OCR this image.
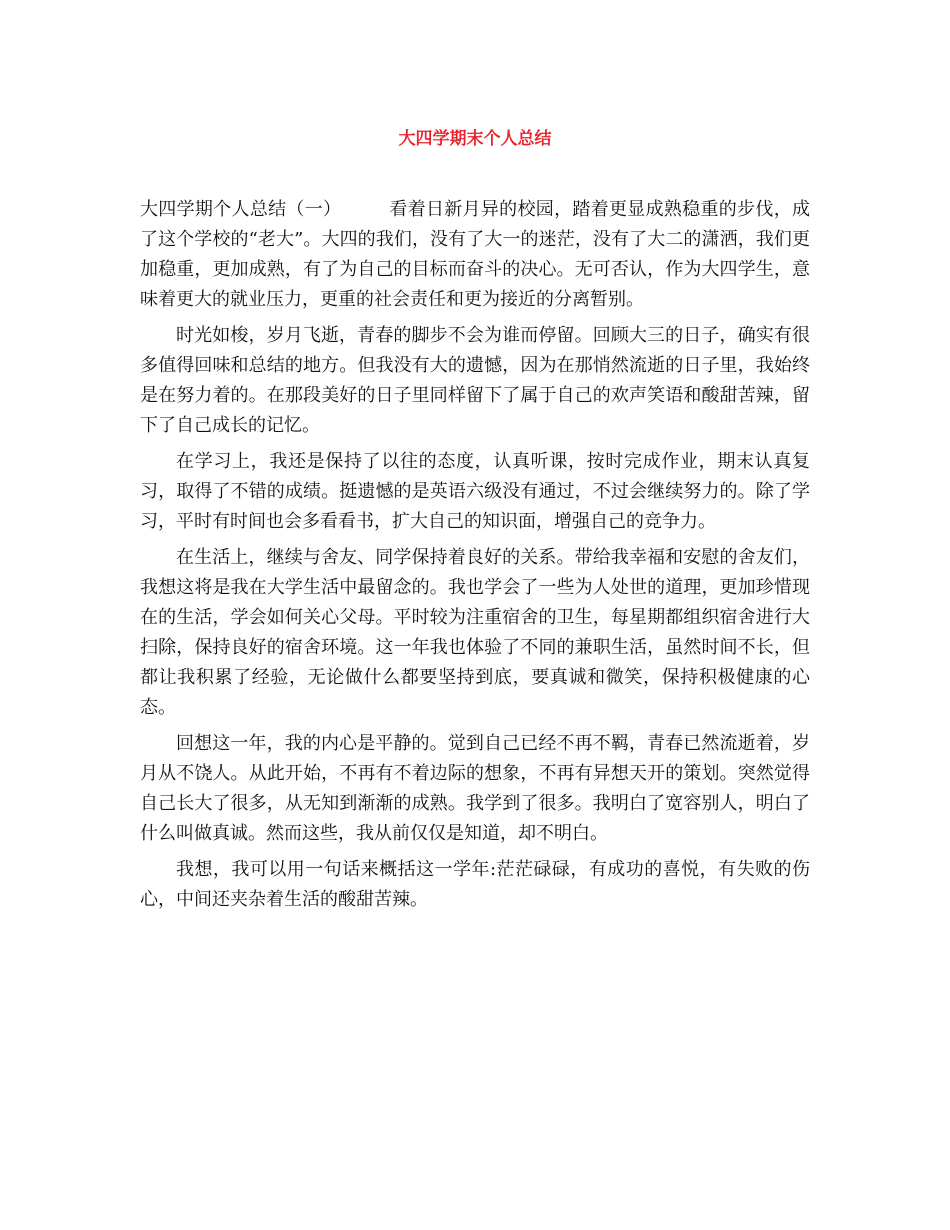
大四学期末个人总结

大四学期个人总结（一）	看着日新月异的校园，踏着更显成熟稳重的步伐，成了这个学校的“老大”。大四的我们，没有了大一的迷茫，没有了大二的潇洒，我们更加稳重，更加成熟，有了为自己的目标而奋斗的决心。无可否认，作为大四学生，意味着更大的就业压力，更重的社会责任和更为接近的分离暂别。

时光如梭，岁月飞逝，青春的脚步不会为谁而停留。回顾大三的日子，确实有很多值得回味和总结的地方。但我没有大的遗憾，因为在那悄然流逝的日子里，我始终是在努力着的。在那段美好的日子里同样留下了属于自己的欢声笑语和酸甜苦辣，留下了自己成长的记忆。

在学习上，我还是保持了以往的态度，认真听课，按时完成作业，期末认真复习，取得了不错的成绩。挺遗憾的是英语六级没有通过，不过会继续努力的。除了学习，平时有时间也会多看看书，扩大自己的知识面，增强自己的竞争力。

在生活上，继续与舍友、同学保持着良好的关系。带给我幸福和安慰的舍友们，我想这将是我在大学生活中最留念的。我也学会了一些为人处世的道理，更加珍惜现在的生活，学会如何关心父母。平时较为注重宿舍的卫生，每星期都组织宿舍进行大扫除，保持良好的宿舍环境。这一年我也体验了不同的兼职生活，虽然时间不长，但都让我积累了经验，无论做什么都要坚持到底，要真诚和微笑，保持积极健康的心态。

回想这一年，我的内心是平静的。觉到自己已经不再不羁，青春已然流逝着，岁月从不饶人。从此开始，不再有不着边际的想象，不再有异想天开的策划。突然觉得自己长大了很多，从无知到渐渐的成熟。我学到了很多。我明白了宽容别人，明白了什么叫做真诚。然而这些，我从前仅仅是知道，却不明白。

我想，我可以用一句话来概括这一学年:茫茫碌碌，有成功的喜悦，有失败的伤心，中间还夹杂着生活的酸甜苦辣。
